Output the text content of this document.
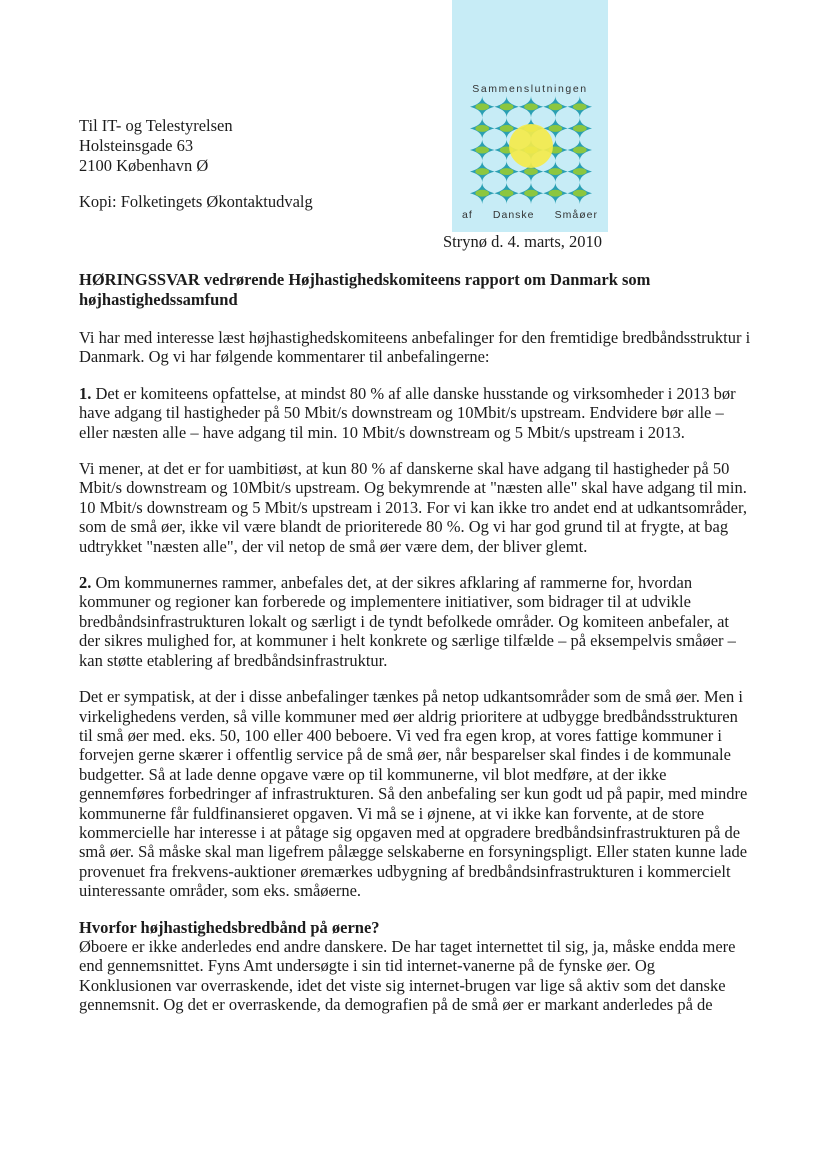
Sammenslutningen
af Danske Småøer
Til IT- og Telestyrelsen
Holsteinsgade 63
2100 København Ø
Kopi: Folketingets Økontaktudvalg
Strynø d. 4. marts, 2010
HØRINGSSVAR vedrørende Højhastighedskomiteens rapport om Danmark som højhastighedssamfund

Vi har med interesse læst højhastighedskomiteens anbefalinger for den fremtidige bredbåndsstruktur i Danmark. Og vi har følgende kommentarer til anbefalingerne:

1. Det er komiteens opfattelse, at mindst 80 % af alle danske husstande og virksomheder i 2013 bør have adgang til hastigheder på 50 Mbit/s downstream og 10Mbit/s upstream. Endvidere bør alle – eller næsten alle – have adgang til min. 10 Mbit/s downstream og 5 Mbit/s upstream i 2013.

Vi mener, at det er for uambitiøst, at kun 80 % af danskerne skal have adgang til hastigheder på 50 Mbit/s downstream og 10Mbit/s upstream. Og bekymrende at "næsten alle" skal have adgang til min. 10 Mbit/s downstream og 5 Mbit/s upstream i 2013. For vi kan ikke tro andet end at udkantsområder, som de små øer, ikke vil være blandt de prioriterede 80 %. Og vi har god grund til at frygte, at bag udtrykket "næsten alle", der vil netop de små øer være dem, der bliver glemt.

2. Om kommunernes rammer, anbefales det, at der sikres afklaring af rammerne for, hvordan kommuner og regioner kan forberede og implementere initiativer, som bidrager til at udvikle bredbåndsinfrastrukturen lokalt og særligt i de tyndt befolkede områder. Og komiteen anbefaler, at der sikres mulighed for, at kommuner i helt konkrete og særlige tilfælde – på eksempelvis småøer – kan støtte etablering af bredbåndsinfrastruktur.

Det er sympatisk, at der i disse anbefalinger tænkes på netop udkantsområder som de små øer. Men i virkelighedens verden, så ville kommuner med øer aldrig prioritere at udbygge bredbåndsstrukturen til små øer med. eks. 50, 100 eller 400 beboere. Vi ved fra egen krop, at vores fattige kommuner i forvejen gerne skærer i offentlig service på de små øer, når besparelser skal findes i de kommunale budgetter. Så at lade denne opgave være op til kommunerne, vil blot medføre, at der ikke gennemføres forbedringer af infrastrukturen. Så den anbefaling ser kun godt ud på papir, med mindre kommunerne får fuldfinansieret opgaven. Vi må se i øjnene, at vi ikke kan forvente, at de store kommercielle har interesse i at påtage sig opgaven med at opgradere bredbåndsinfrastrukturen på de små øer. Så måske skal man ligefrem pålægge selskaberne en forsyningspligt. Eller staten kunne lade provenuet fra frekvens-auktioner øremærkes udbygning af bredbåndsinfrastrukturen i kommercielt uinteressante områder, som eks. småøerne.

Hvorfor højhastighedsbredbånd på øerne?

Øboere er ikke anderledes end andre danskere. De har taget internettet til sig, ja, måske endda mere end gennemsnittet. Fyns Amt undersøgte i sin tid internet-vanerne på de fynske øer. Og Konklusionen var overraskende, idet det viste sig internet-brugen var lige så aktiv som det danske gennemsnit. Og det er overraskende, da demografien på de små øer er markant anderledes på de
